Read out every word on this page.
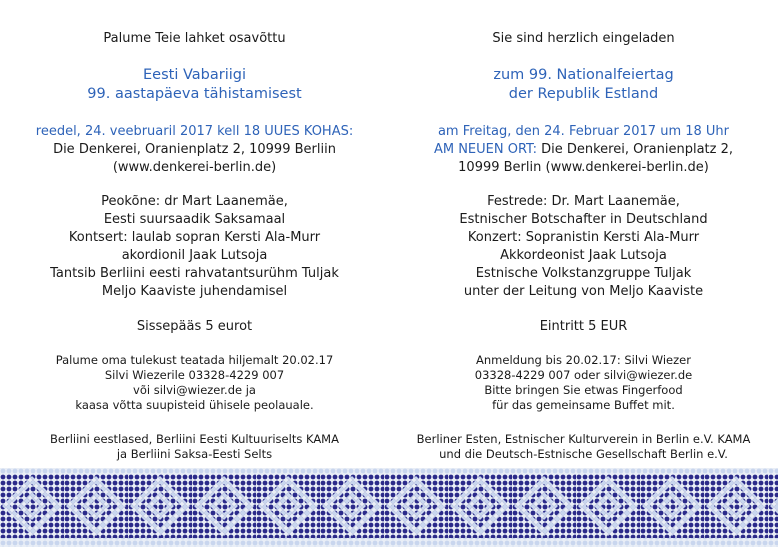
Palume Teie lahket osavõttu
Eesti Vabariigi
99. aastapäeva tähistamisest
reedel, 24. veebruaril 2017 kell 18 UUES KOHAS:
Die Denkerei, Oranienplatz 2, 10999 Berliin
(www.denkerei-berlin.de)
Peokõne: dr Mart Laanemäe,
Eesti suursaadik Saksamaal
Kontsert: laulab sopran Kersti Ala-Murr
akordionil Jaak Lutsoja
Tantsib Berliini eesti rahvatantsurühm Tuljak
Meljo Kaaviste juhendamisel
Sissepääs 5 eurot
Palume oma tulekust teatada hiljemalt 20.02.17
Silvi Wiezerile 03328-4229 007
või silvi@wiezer.de ja
kaasa võtta suupisteid ühisele peolauale.
Berliini eestlased, Berliini Eesti Kultuuriselts KAMA
ja Berliini Saksa-Eesti Selts
Sie sind herzlich eingeladen
zum 99. Nationalfeiertag
der Republik Estland
am Freitag, den 24. Februar 2017 um 18 Uhr
AM NEUEN ORT: Die Denkerei, Oranienplatz 2,
10999 Berlin (www.denkerei-berlin.de)
Festrede: Dr. Mart Laanemäe,
Estnischer Botschafter in Deutschland
Konzert: Sopranistin Kersti Ala-Murr
Akkordeonist Jaak Lutsoja
Estnische Volkstanzgruppe Tuljak
unter der Leitung von Meljo Kaaviste
Eintritt 5 EUR
Anmeldung bis 20.02.17: Silvi Wiezer
03328-4229 007 oder silvi@wiezer.de
Bitte bringen Sie etwas Fingerfood
für das gemeinsame Buffet mit.
Berliner Esten, Estnischer Kulturverein in Berlin e.V. KAMA
und die Deutsch-Estnische Gesellschaft Berlin e.V.
